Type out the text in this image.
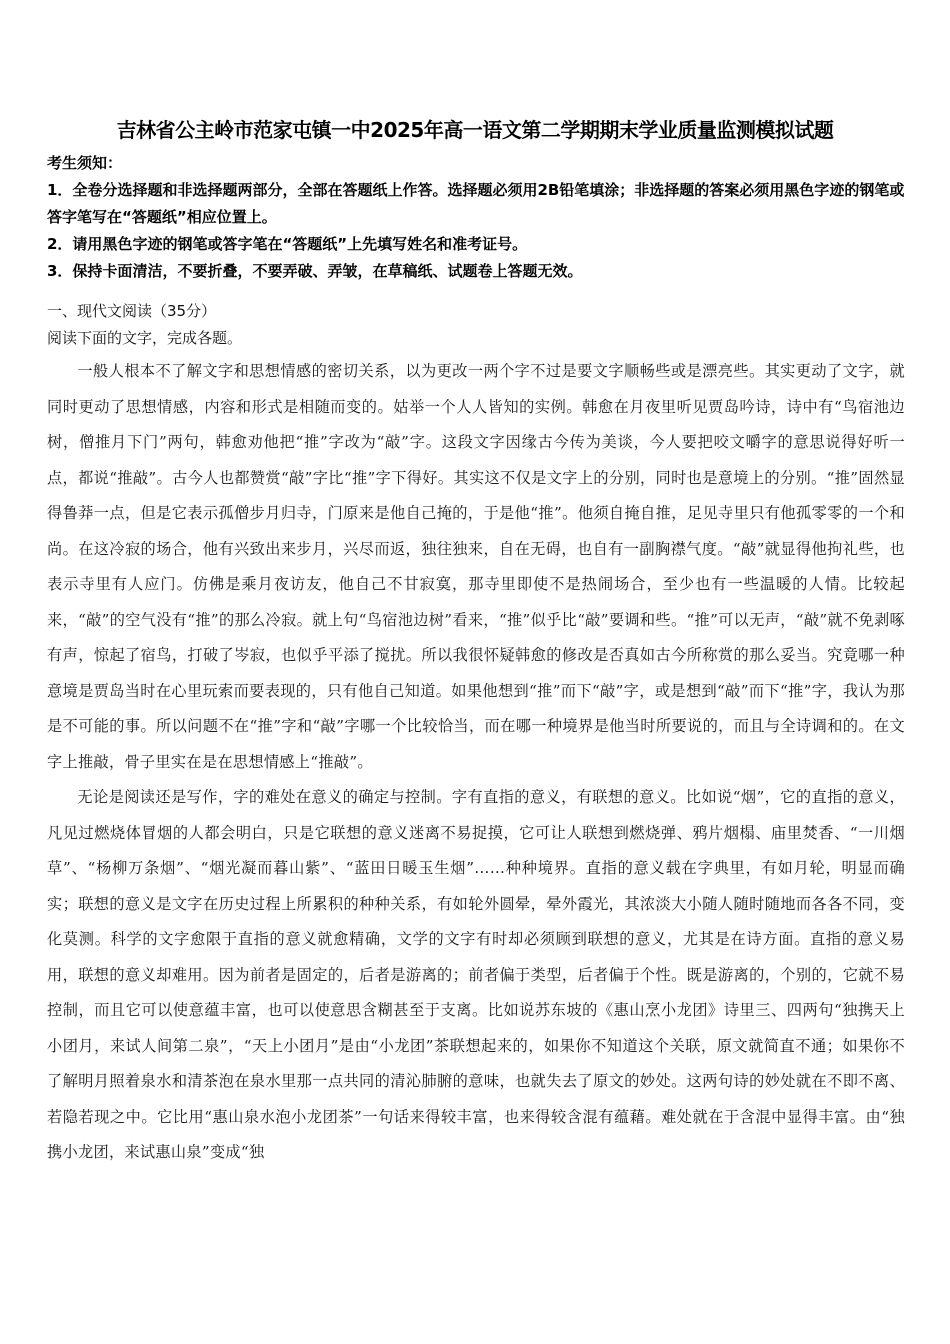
吉林省公主岭市范家屯镇一中2025年高一语文第二学期期末学业质量监测模拟试题

考生须知：

1．全卷分选择题和非选择题两部分，全部在答题纸上作答。选择题必须用2B铅笔填涂；非选择题的答案必须用黑色字迹的钢笔或答字笔写在“答题纸”相应位置上。

2．请用黑色字迹的钢笔或答字笔在“答题纸”上先填写姓名和准考证号。

3．保持卡面清洁，不要折叠，不要弄破、弄皱，在草稿纸、试题卷上答题无效。

一、现代文阅读（35分）

阅读下面的文字，完成各题。

一般人根本不了解文字和思想情感的密切关系，以为更改一两个字不过是要文字顺畅些或是漂亮些。其实更动了文字，就同时更动了思想情感，内容和形式是相随而变的。姑举一个人人皆知的实例。韩愈在月夜里听见贾岛吟诗，诗中有“鸟宿池边树，僧推月下门”两句，韩愈劝他把“推”字改为“敲”字。这段文字因缘古今传为美谈，今人要把咬文嚼字的意思说得好听一点，都说“推敲”。古今人也都赞赏“敲”字比“推”字下得好。其实这不仅是文字上的分别，同时也是意境上的分别。“推”固然显得鲁莽一点，但是它表示孤僧步月归寺，门原来是他自己掩的，于是他“推”。他须自掩自推，足见寺里只有他孤零零的一个和尚。在这冷寂的场合，他有兴致出来步月，兴尽而返，独往独来，自在无碍，也自有一副胸襟气度。“敲”就显得他拘礼些，也表示寺里有人应门。仿佛是乘月夜访友，他自己不甘寂寞，那寺里即使不是热闹场合，至少也有一些温暖的人情。比较起来，“敲”的空气没有“推”的那么冷寂。就上句“鸟宿池边树”看来，“推”似乎比“敲”要调和些。“推”可以无声，“敲”就不免剥啄有声，惊起了宿鸟，打破了岑寂，也似乎平添了搅扰。所以我很怀疑韩愈的修改是否真如古今所称赏的那么妥当。究竟哪一种意境是贾岛当时在心里玩索而要表现的，只有他自己知道。如果他想到“推”而下“敲”字，或是想到“敲”而下“推”字，我认为那是不可能的事。所以问题不在“推”字和“敲”字哪一个比较恰当，而在哪一种境界是他当时所要说的，而且与全诗调和的。在文字上推敲，骨子里实在是在思想情感上“推敲”。

无论是阅读还是写作，字的难处在意义的确定与控制。字有直指的意义，有联想的意义。比如说“烟”，它的直指的意义，凡见过燃烧体冒烟的人都会明白，只是它联想的意义迷离不易捉摸，它可让人联想到燃烧弹、鸦片烟榻、庙里焚香、“一川烟草”、“杨柳万条烟”、“烟光凝而暮山紫”、“蓝田日暖玉生烟”……种种境界。直指的意义载在字典里，有如月轮，明显而确实；联想的意义是文字在历史过程上所累积的种种关系，有如轮外圆晕，晕外霞光，其浓淡大小随人随时随地而各各不同，变化莫测。科学的文字愈限于直指的意义就愈精确，文学的文字有时却必须顾到联想的意义，尤其是在诗方面。直指的意义易用，联想的意义却难用。因为前者是固定的，后者是游离的；前者偏于类型，后者偏于个性。既是游离的，个别的，它就不易控制，而且它可以使意蕴丰富，也可以使意思含糊甚至于支离。比如说苏东坡的《惠山烹小龙团》诗里三、四两句“独携天上小团月，来试人间第二泉”，“天上小团月”是由“小龙团”茶联想起来的，如果你不知道这个关联，原文就简直不通；如果你不了解明月照着泉水和清茶泡在泉水里那一点共同的清沁肺腑的意味，也就失去了原文的妙处。这两句诗的妙处就在不即不离、若隐若现之中。它比用“惠山泉水泡小龙团茶”一句话来得较丰富，也来得较含混有蕴藉。难处就在于含混中显得丰富。由“独携小龙团，来试惠山泉”变成“独
